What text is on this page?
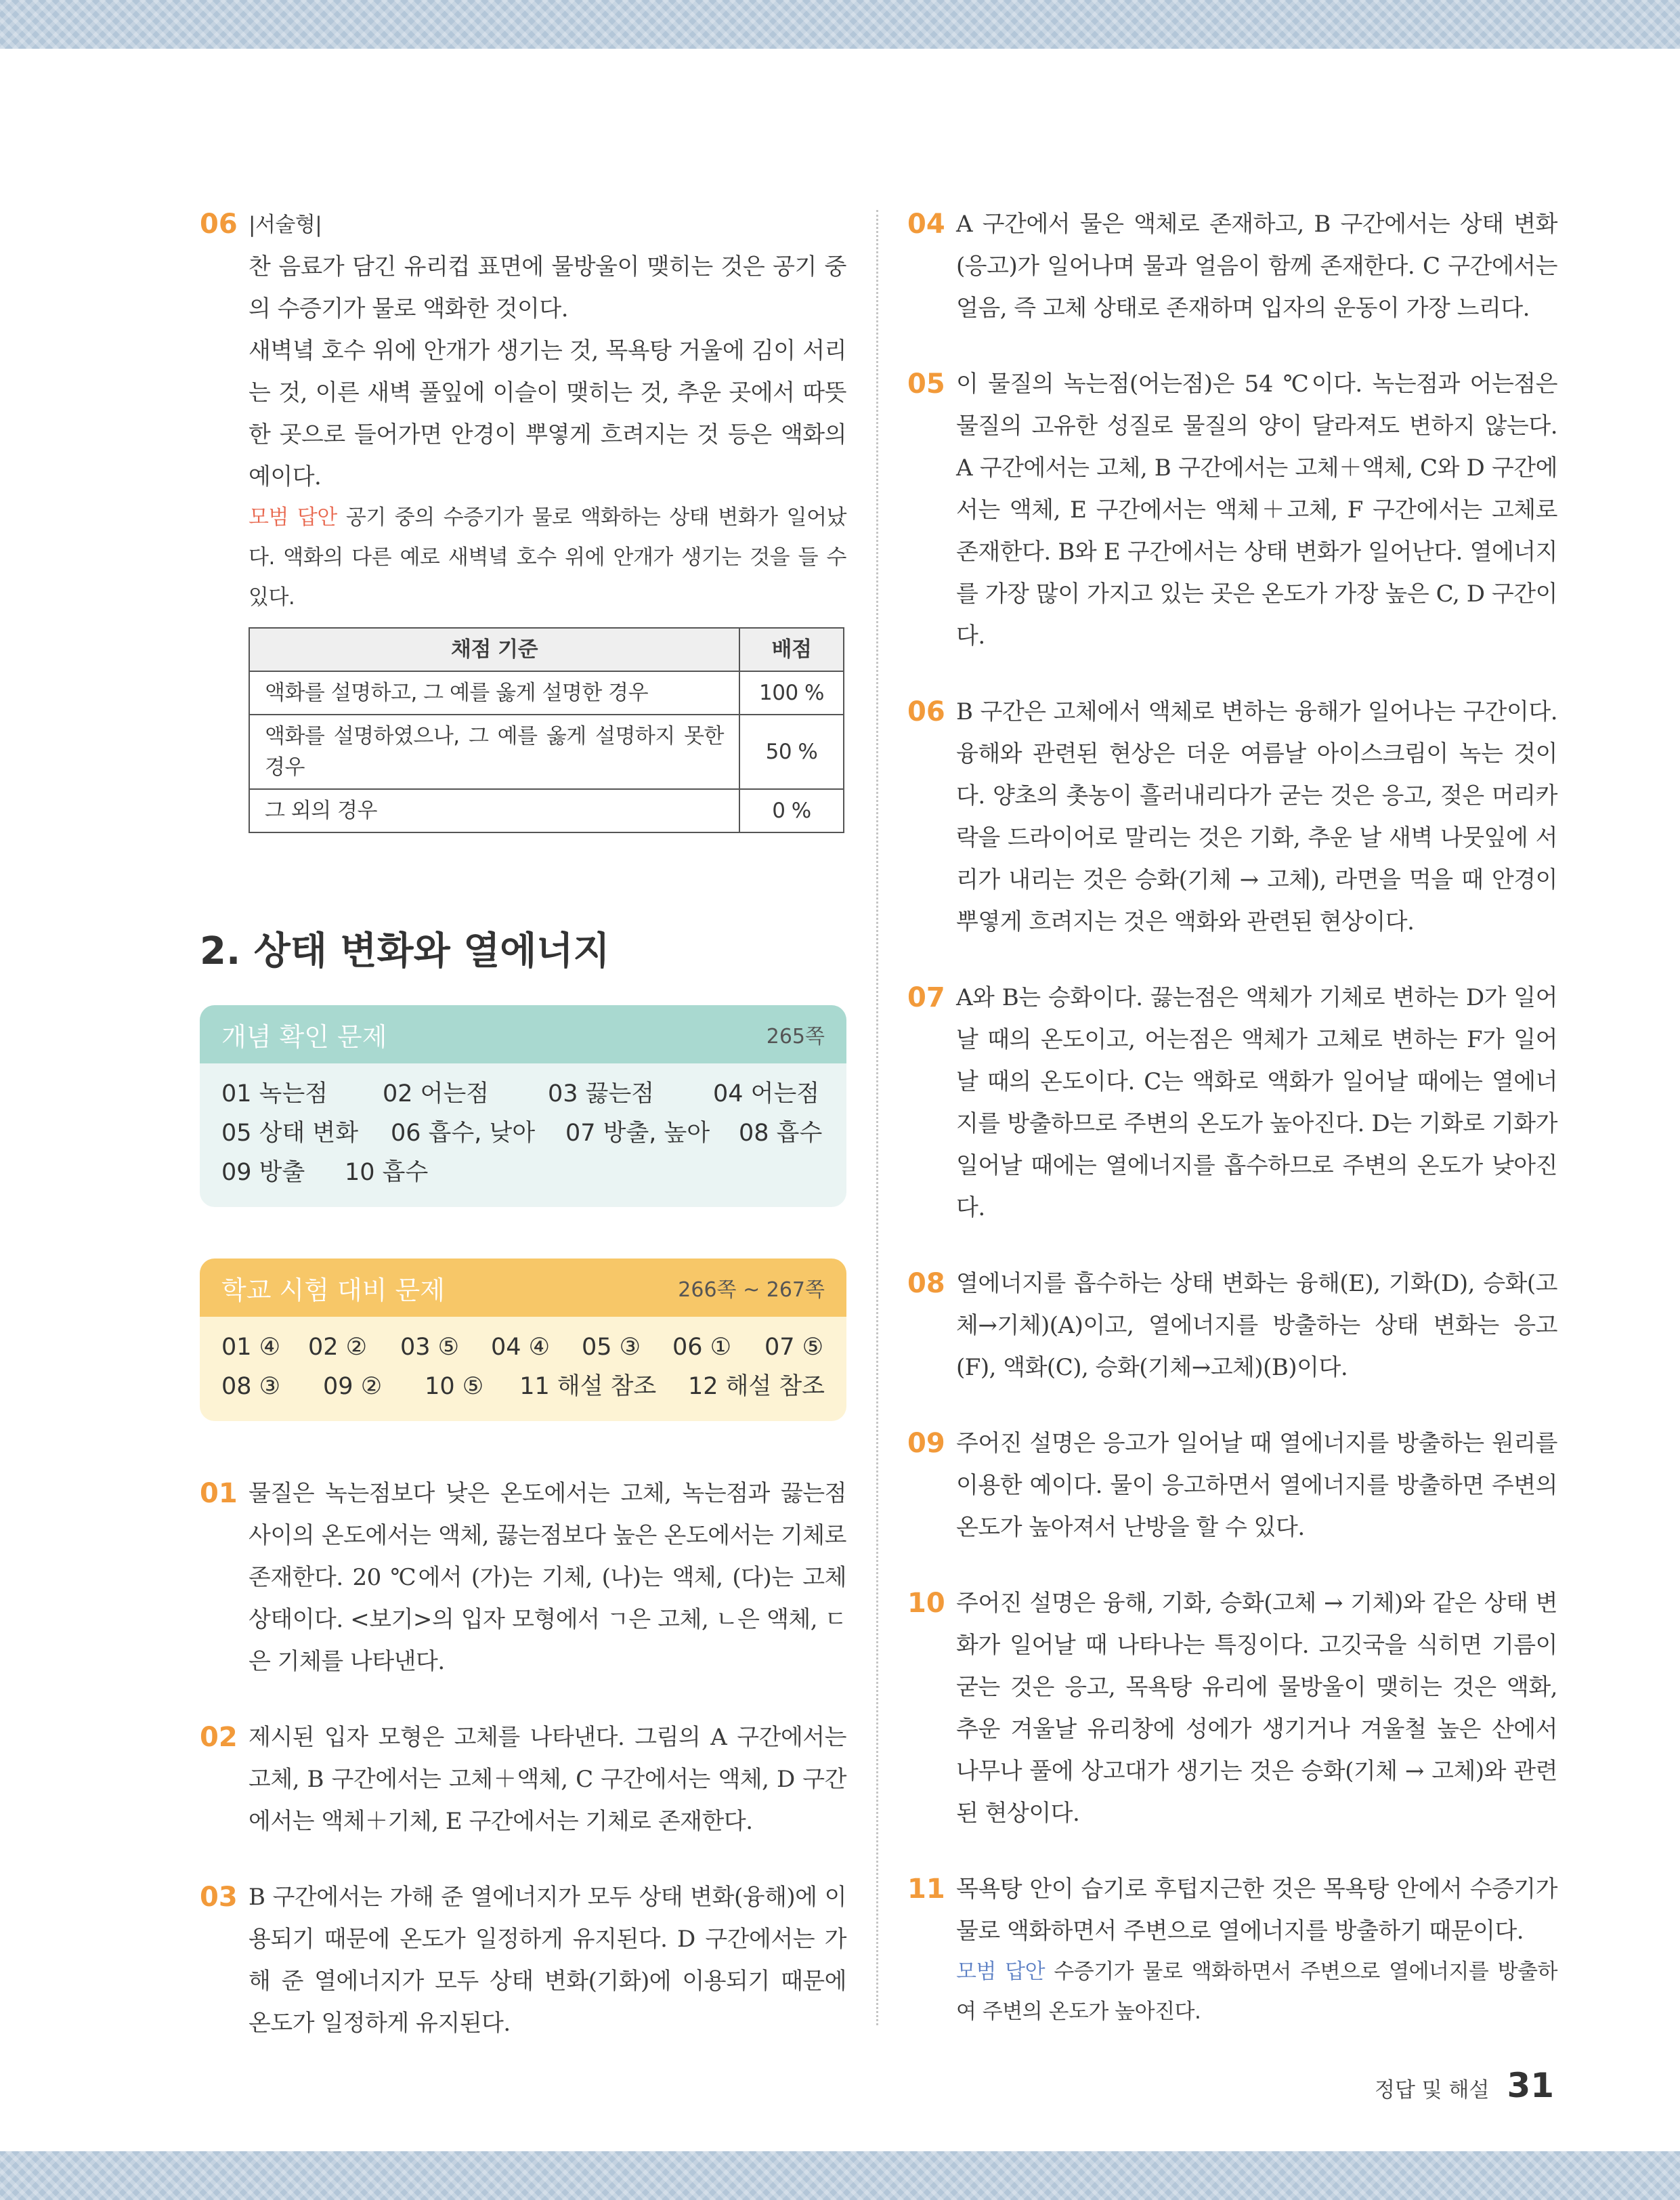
06 |서술형|

찬 음료가 담긴 유리컵 표면에 물방울이 맺히는 것은 공기 중의 수증기가 물로 액화한 것이다.

새벽녘 호수 위에 안개가 생기는 것, 목욕탕 거울에 김이 서리는 것, 이른 새벽 풀잎에 이슬이 맺히는 것, 추운 곳에서 따뜻한 곳으로 들어가면 안경이 뿌옇게 흐려지는 것 등은 액화의 예이다.

모범 답안 공기 중의 수증기가 물로 액화하는 상태 변화가 일어났다. 액화의 다른 예로 새벽녘 호수 위에 안개가 생기는 것을 들 수 있다.

채점 기준	배점
액화를 설명하고, 그 예를 옳게 설명한 경우	100 %
액화를 설명하였으나, 그 예를 옳게 설명하지 못한 경우	50 %
그 외의 경우	0 %
2. 상태 변화와 열에너지
개념 확인 문제	265쪽
01 녹는점	02 어는점	03 끓는점	04 어는점
05 상태 변화	06 흡수, 낮아	07 방출, 높아	08 흡수
09 방출	10 흡수
학교 시험 대비 문제	266쪽 ~ 267쪽
01 ④	02 ②	03 ⑤	04 ④	05 ③	06 ①	07 ⑤
08 ③	09 ②	10 ⑤	11 해설 참조	12 해설 참조
01 물질은 녹는점보다 낮은 온도에서는 고체, 녹는점과 끓는점 사이의 온도에서는 액체, 끓는점보다 높은 온도에서는 기체로 존재한다. 20 ℃에서 (가)는 기체, (나)는 액체, (다)는 고체 상태이다. <보기>의 입자 모형에서 ㄱ은 고체, ㄴ은 액체, ㄷ은 기체를 나타낸다.
02 제시된 입자 모형은 고체를 나타낸다. 그림의 A 구간에서는 고체, B 구간에서는 고체＋액체, C 구간에서는 액체, D 구간에서는 액체＋기체, E 구간에서는 기체로 존재한다.
03 B 구간에서는 가해 준 열에너지가 모두 상태 변화(융해)에 이용되기 때문에 온도가 일정하게 유지된다. D 구간에서는 가해 준 열에너지가 모두 상태 변화(기화)에 이용되기 때문에 온도가 일정하게 유지된다.
04 A 구간에서 물은 액체로 존재하고, B 구간에서는 상태 변화(응고)가 일어나며 물과 얼음이 함께 존재한다. C 구간에서는 얼음, 즉 고체 상태로 존재하며 입자의 운동이 가장 느리다.
05 이 물질의 녹는점(어는점)은 54 ℃이다. 녹는점과 어는점은 물질의 고유한 성질로 물질의 양이 달라져도 변하지 않는다. A 구간에서는 고체, B 구간에서는 고체＋액체, C와 D 구간에서는 액체, E 구간에서는 액체＋고체, F 구간에서는 고체로 존재한다. B와 E 구간에서는 상태 변화가 일어난다. 열에너지를 가장 많이 가지고 있는 곳은 온도가 가장 높은 C, D 구간이다.
06 B 구간은 고체에서 액체로 변하는 융해가 일어나는 구간이다. 융해와 관련된 현상은 더운 여름날 아이스크림이 녹는 것이다. 양초의 촛농이 흘러내리다가 굳는 것은 응고, 젖은 머리카락을 드라이어로 말리는 것은 기화, 추운 날 새벽 나뭇잎에 서리가 내리는 것은 승화(기체 → 고체), 라면을 먹을 때 안경이 뿌옇게 흐려지는 것은 액화와 관련된 현상이다.
07 A와 B는 승화이다. 끓는점은 액체가 기체로 변하는 D가 일어날 때의 온도이고, 어는점은 액체가 고체로 변하는 F가 일어날 때의 온도이다. C는 액화로 액화가 일어날 때에는 열에너지를 방출하므로 주변의 온도가 높아진다. D는 기화로 기화가 일어날 때에는 열에너지를 흡수하므로 주변의 온도가 낮아진다.
08 열에너지를 흡수하는 상태 변화는 융해(E), 기화(D), 승화(고체→기체)(A)이고, 열에너지를 방출하는 상태 변화는 응고(F), 액화(C), 승화(기체→고체)(B)이다.
09 주어진 설명은 응고가 일어날 때 열에너지를 방출하는 원리를 이용한 예이다. 물이 응고하면서 열에너지를 방출하면 주변의 온도가 높아져서 난방을 할 수 있다.
10 주어진 설명은 융해, 기화, 승화(고체 → 기체)와 같은 상태 변화가 일어날 때 나타나는 특징이다. 고깃국을 식히면 기름이 굳는 것은 응고, 목욕탕 유리에 물방울이 맺히는 것은 액화, 추운 겨울날 유리창에 성에가 생기거나 겨울철 높은 산에서 나무나 풀에 상고대가 생기는 것은 승화(기체 → 고체)와 관련된 현상이다.
11 목욕탕 안이 습기로 후텁지근한 것은 목욕탕 안에서 수증기가 물로 액화하면서 주변으로 열에너지를 방출하기 때문이다.

모범 답안 수증기가 물로 액화하면서 주변으로 열에너지를 방출하여 주변의 온도가 높아진다.

정답 및 해설 31
